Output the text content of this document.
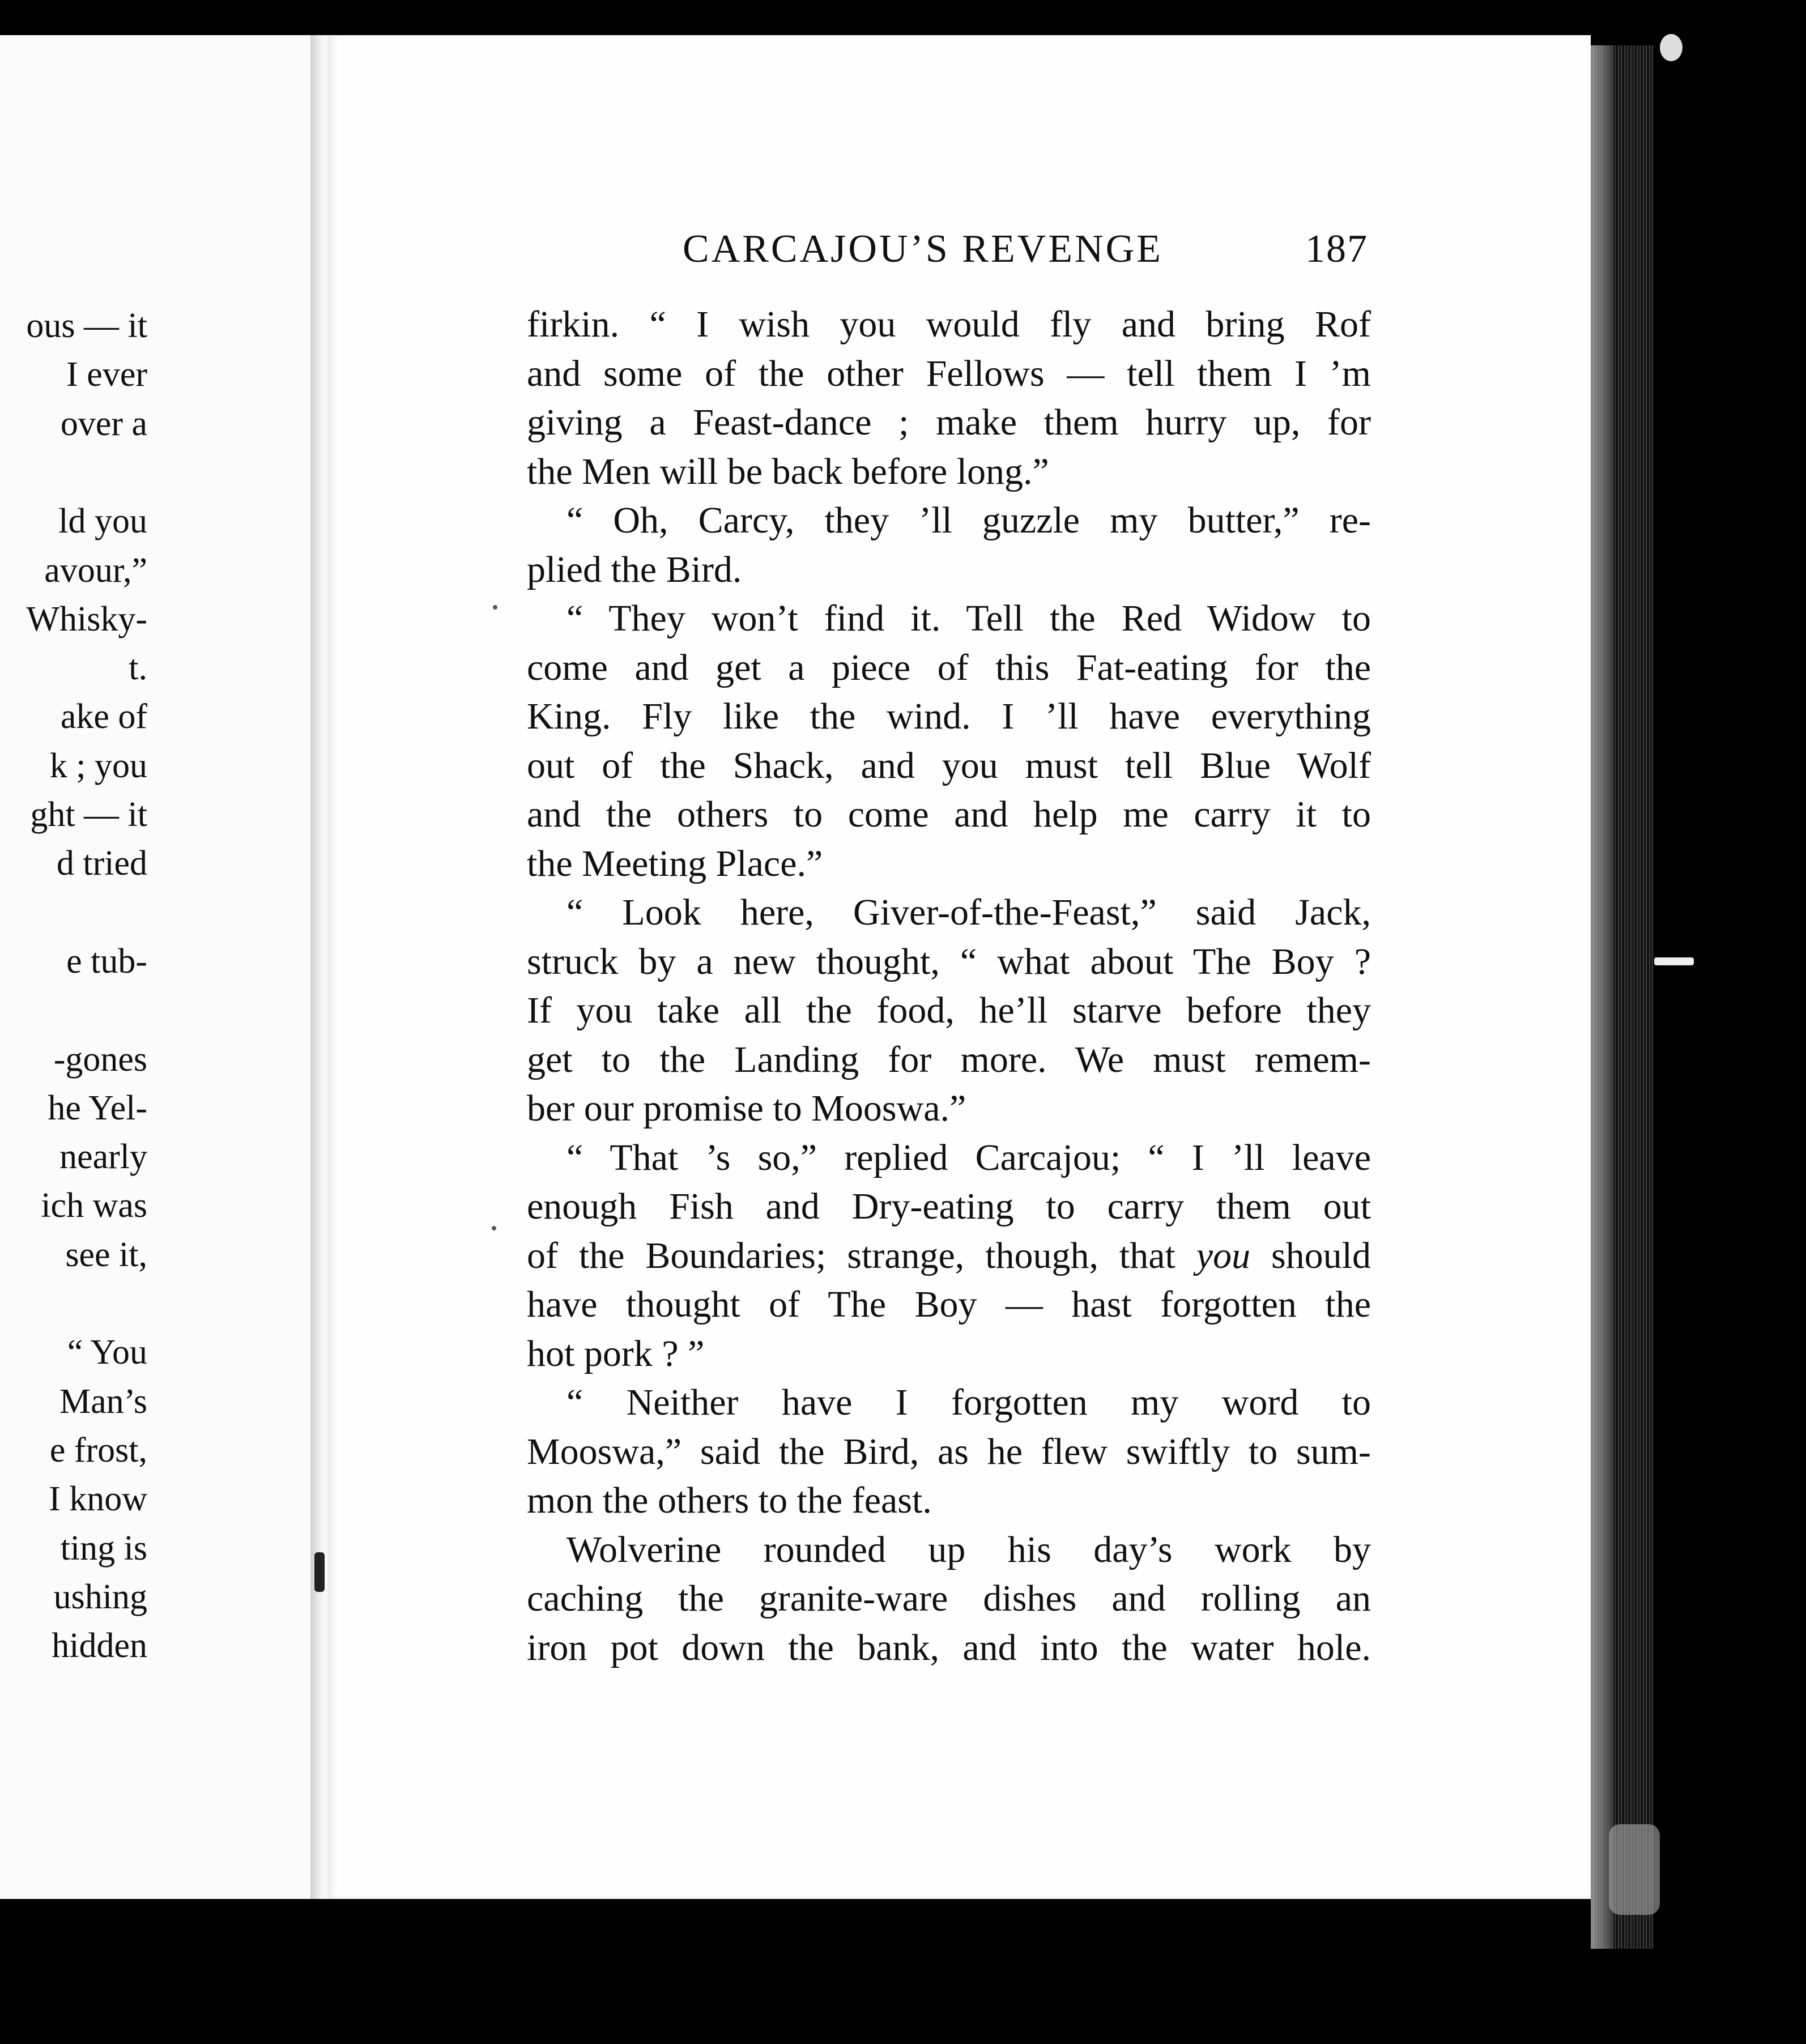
ous — it
I ever
over a
ld you
avour,”
Whisky-
t.
ake of
k ; you
ght — it
d tried
e tub-
-gones
he Yel-
nearly
ich was
see it,
“ You
Man’s
e frost,
I know
ting is
ushing
hidden
CARCAJOU’S REVENGE	187
firkin. “ I wish you would fly and bring Rof
and some of the other Fellows — tell them I ’m
giving a Feast-dance ; make them hurry up, for
the Men will be back before long.”
“ Oh, Carcy, they ’ll guzzle my butter,” re-
plied the Bird.
“ They won’t find it. Tell the Red Widow to
come and get a piece of this Fat-eating for the
King. Fly like the wind. I ’ll have everything
out of the Shack, and you must tell Blue Wolf
and the others to come and help me carry it to
the Meeting Place.”
“ Look here, Giver-of-the-Feast,” said Jack,
struck by a new thought, “ what about The Boy ?
If you take all the food, he’ll starve before they
get to the Landing for more. We must remem-
ber our promise to Mooswa.”
“ That ’s so,” replied Carcajou; “ I ’ll leave
enough Fish and Dry-eating to carry them out
of the Boundaries; strange, though, that you should
have thought of The Boy — hast forgotten the
hot pork ? ”
“ Neither have I forgotten my word to
Mooswa,” said the Bird, as he flew swiftly to sum-
mon the others to the feast.
Wolverine rounded up his day’s work by
caching the granite-ware dishes and rolling an
iron pot down the bank, and into the water hole.
